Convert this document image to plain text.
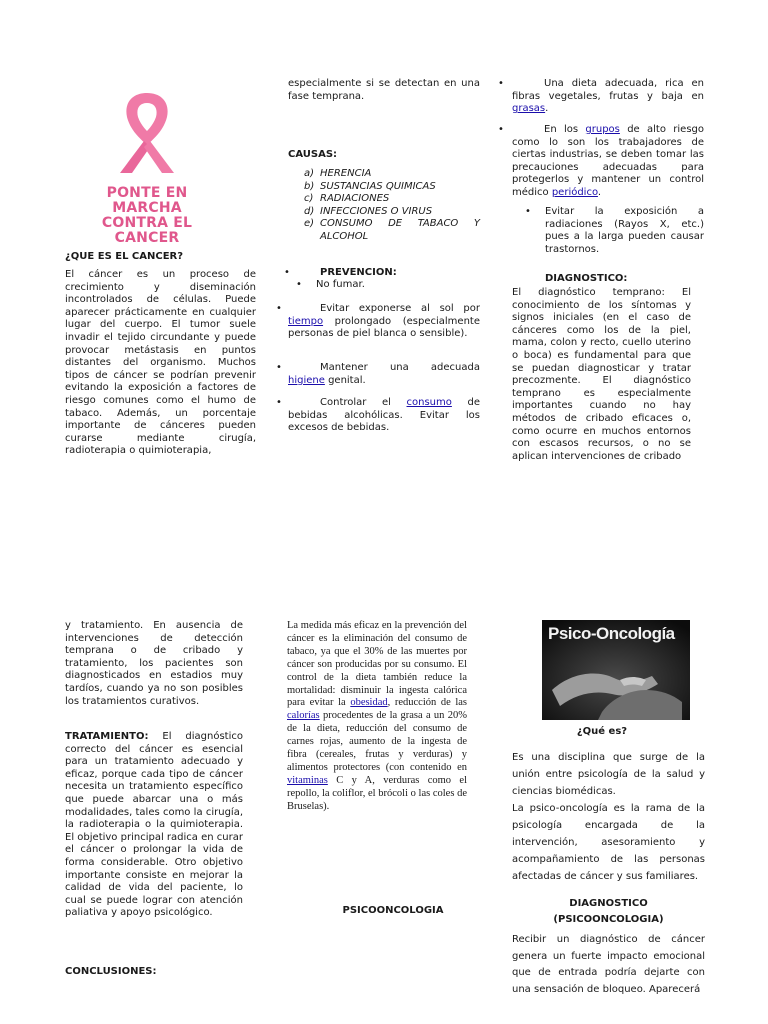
PONTE EN MARCHA
CONTRA EL CANCER
¿QUE ES EL CANCER?

El cáncer es un proceso de crecimiento y diseminación incontrolados de células. Puede aparecer prácticamente en cualquier lugar del cuerpo. El tumor suele invadir el tejido circundante y puede provocar metástasis en puntos distantes del organismo. Muchos tipos de cáncer se podrían prevenir evitando la exposición a factores de riesgo comunes como el humo de tabaco. Además, un porcentaje importante de cánceres pueden curarse mediante cirugía, radioterapia o quimioterapia,

y tratamiento. En ausencia de intervenciones de detección temprana o de cribado y tratamiento, los pacientes son diagnosticados en estadios muy tardíos, cuando ya no son posibles los tratamientos curativos.

TRATAMIENTO: El diagnóstico correcto del cáncer es esencial para un tratamiento adecuado y eficaz, porque cada tipo de cáncer necesita un tratamiento específico que puede abarcar una o más modalidades, tales como la cirugía, la radioterapia o la quimioterapia. El objetivo principal radica en curar el cáncer o prolongar la vida de forma considerable. Otro objetivo importante consiste en mejorar la calidad de vida del paciente, lo cual se puede lograr con atención paliativa y apoyo psicológico.

CONCLUSIONES:

especialmente si se detectan en una fase temprana.

CAUSAS:
a) HERENCIA
b) SUSTANCIAS QUIMICAS
c) RADIACIONES
d) INFECCIONES O VIRUS
e) CONSUMO DE TABACO Y ALCOHOL
•	PREVENCION:
•	No fumar.
•	Evitar exponerse al sol por tiempo prolongado (especialmente personas de piel blanca o sensible).

•	Mantener una adecuada higiene genital.

•	Controlar el consumo de bebidas alcohólicas. Evitar los excesos de bebidas.

La medida más eficaz en la prevención del cáncer es la eliminación del consumo de tabaco, ya que el 30% de las muertes por cáncer son producidas por su consumo. El control de la dieta también reduce la mortalidad: disminuir la ingesta calórica para evitar la obesidad, reducción de las calorías procedentes de la grasa a un 20% de la dieta, reducción del consumo de carnes rojas, aumento de la ingesta de fibra (cereales, frutas y verduras) y alimentos protectores (con contenido en vitaminas C y A, verduras como el repollo, la coliflor, el brócoli o las coles de Bruselas).

PSICOONCOLOGIA
•	Una dieta adecuada, rica en fibras vegetales, frutas y baja en grasas.

•	En los grupos de alto riesgo como lo son los trabajadores de ciertas industrias, se deben tomar las precauciones adecuadas para protegerlos y mantener un control médico periódico.

•	Evitar la exposición a radiaciones (Rayos X, etc.) pues a la larga pueden causar trastornos.

DIAGNOSTICO:

El diagnóstico temprano: El conocimiento de los síntomas y signos iniciales (en el caso de cánceres como los de la piel, mama, colon y recto, cuello uterino o boca) es fundamental para que se puedan diagnosticar y tratar precozmente. El diagnóstico temprano es especialmente importantes cuando no hay métodos de cribado eficaces o, como ocurre en muchos entornos con escasos recursos, o no se aplican intervenciones de cribado

Psico-Oncología
¿Qué es?

Es una disciplina que surge de la unión entre psicología de la salud y ciencias biomédicas.

La psico-oncología es la rama de la psicología encargada de la intervención, asesoramiento y acompañamiento de las personas afectadas de cáncer y sus familiares.

DIAGNOSTICO
(PSICOONCOLOGIA)

Recibir un diagnóstico de cáncer genera un fuerte impacto emocional que de entrada podría dejarte con una sensación de bloqueo. Aparecerá
